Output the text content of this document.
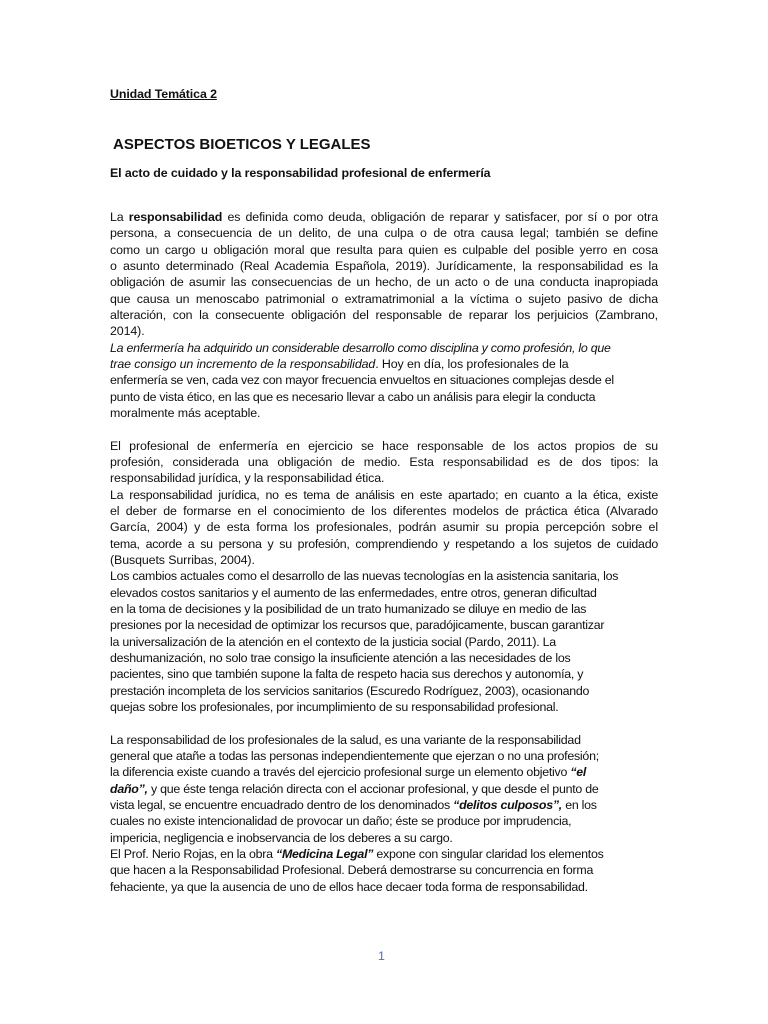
Unidad Temática 2
ASPECTOS BIOETICOS Y LEGALES
El acto de cuidado y la responsabilidad profesional de enfermería
La responsabilidad es definida como deuda, obligación de reparar y satisfacer, por sí o por otra
persona, a consecuencia de un delito, de una culpa o de otra causa legal; también se define
como un cargo u obligación moral que resulta para quien es culpable del posible yerro en cosa
o asunto determinado (Real Academia Española, 2019). Jurídicamente, la responsabilidad es la
obligación de asumir las consecuencias de un hecho, de un acto o de una conducta inapropiada
que causa un menoscabo patrimonial o extramatrimonial a la víctima o sujeto pasivo de dicha
alteración, con la consecuente obligación del responsable de reparar los perjuicios (Zambrano,
2014).
La enfermería ha adquirido un considerable desarrollo como disciplina y como profesión, lo que
trae consigo un incremento de la responsabilidad. Hoy en día, los profesionales de la
enfermería se ven, cada vez con mayor frecuencia envueltos en situaciones complejas desde el
punto de vista ético, en las que es necesario llevar a cabo un análisis para elegir la conducta
moralmente más aceptable.
El profesional de enfermería en ejercicio se hace responsable de los actos propios de su
profesión, considerada una obligación de medio. Esta responsabilidad es de dos tipos: la
responsabilidad jurídica, y la responsabilidad ética.
La responsabilidad jurídica, no es tema de análisis en este apartado; en cuanto a la ética, existe
el deber de formarse en el conocimiento de los diferentes modelos de práctica ética (Alvarado
García, 2004) y de esta forma los profesionales, podrán asumir su propia percepción sobre el
tema, acorde a su persona y su profesión, comprendiendo y respetando a los sujetos de cuidado
(Busquets Surribas, 2004).
Los cambios actuales como el desarrollo de las nuevas tecnologías en la asistencia sanitaria, los
elevados costos sanitarios y el aumento de las enfermedades, entre otros, generan dificultad
en la toma de decisiones y la posibilidad de un trato humanizado se diluye en medio de las
presiones por la necesidad de optimizar los recursos que, paradójicamente, buscan garantizar
la universalización de la atención en el contexto de la justicia social (Pardo, 2011). La
deshumanización, no solo trae consigo la insuficiente atención a las necesidades de los
pacientes, sino que también supone la falta de respeto hacia sus derechos y autonomía, y
prestación incompleta de los servicios sanitarios (Escuredo Rodríguez, 2003), ocasionando
quejas sobre los profesionales, por incumplimiento de su responsabilidad profesional.
La responsabilidad de los profesionales de la salud, es una variante de la responsabilidad
general que atañe a todas las personas independientemente que ejerzan o no una profesión;
la diferencia existe cuando a través del ejercicio profesional surge un elemento objetivo “el
daño”, y que éste tenga relación directa con el accionar profesional, y que desde el punto de
vista legal, se encuentre encuadrado dentro de los denominados “delitos culposos”, en los
cuales no existe intencionalidad de provocar un daño; éste se produce por imprudencia,
impericia, negligencia e inobservancia de los deberes a su cargo.
El Prof. Nerio Rojas, en la obra “Medicina Legal” expone con singular claridad los elementos
que hacen a la Responsabilidad Profesional. Deberá demostrarse su concurrencia en forma
fehaciente, ya que la ausencia de uno de ellos hace decaer toda forma de responsabilidad.
1
